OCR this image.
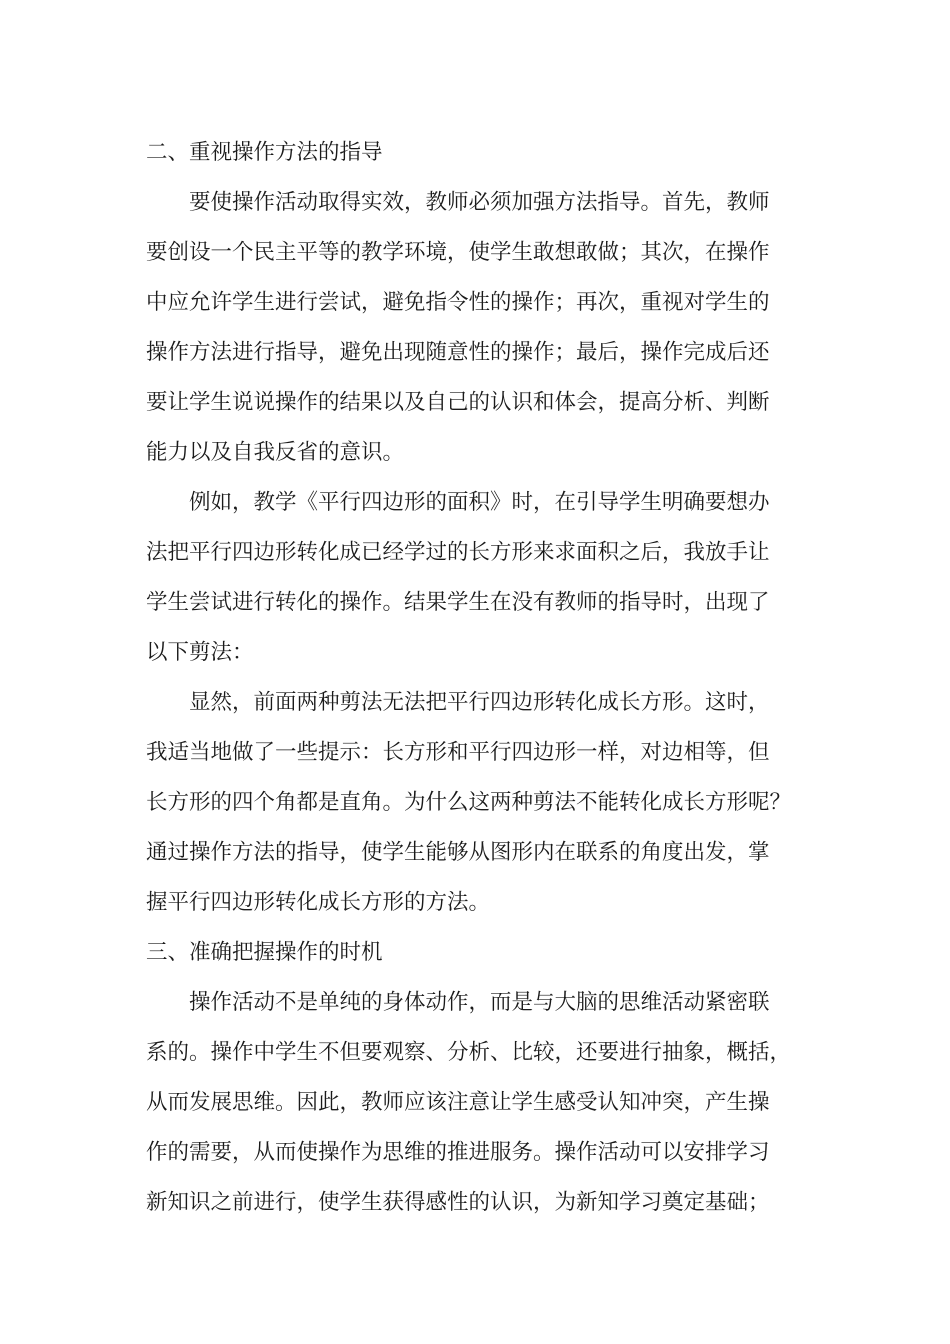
二、重视操作方法的指导
要使操作活动取得实效，教师必须加强方法指导。首先，教师
要创设一个民主平等的教学环境，使学生敢想敢做；其次，在操作
中应允许学生进行尝试，避免指令性的操作；再次，重视对学生的
操作方法进行指导，避免出现随意性的操作；最后，操作完成后还
要让学生说说操作的结果以及自己的认识和体会，提高分析、判断
能力以及自我反省的意识。
例如，教学《平行四边形的面积》时，在引导学生明确要想办
法把平行四边形转化成已经学过的长方形来求面积之后，我放手让
学生尝试进行转化的操作。结果学生在没有教师的指导时，出现了
以下剪法：
显然，前面两种剪法无法把平行四边形转化成长方形。这时，
我适当地做了一些提示：长方形和平行四边形一样，对边相等，但
长方形的四个角都是直角。为什么这两种剪法不能转化成长方形呢？
通过操作方法的指导，使学生能够从图形内在联系的角度出发，掌
握平行四边形转化成长方形的方法。
三、准确把握操作的时机
操作活动不是单纯的身体动作，而是与大脑的思维活动紧密联
系的。操作中学生不但要观察、分析、比较，还要进行抽象，概括，
从而发展思维。因此，教师应该注意让学生感受认知冲突，产生操
作的需要，从而使操作为思维的推进服务。操作活动可以安排学习
新知识之前进行，使学生获得感性的认识，为新知学习奠定基础；
